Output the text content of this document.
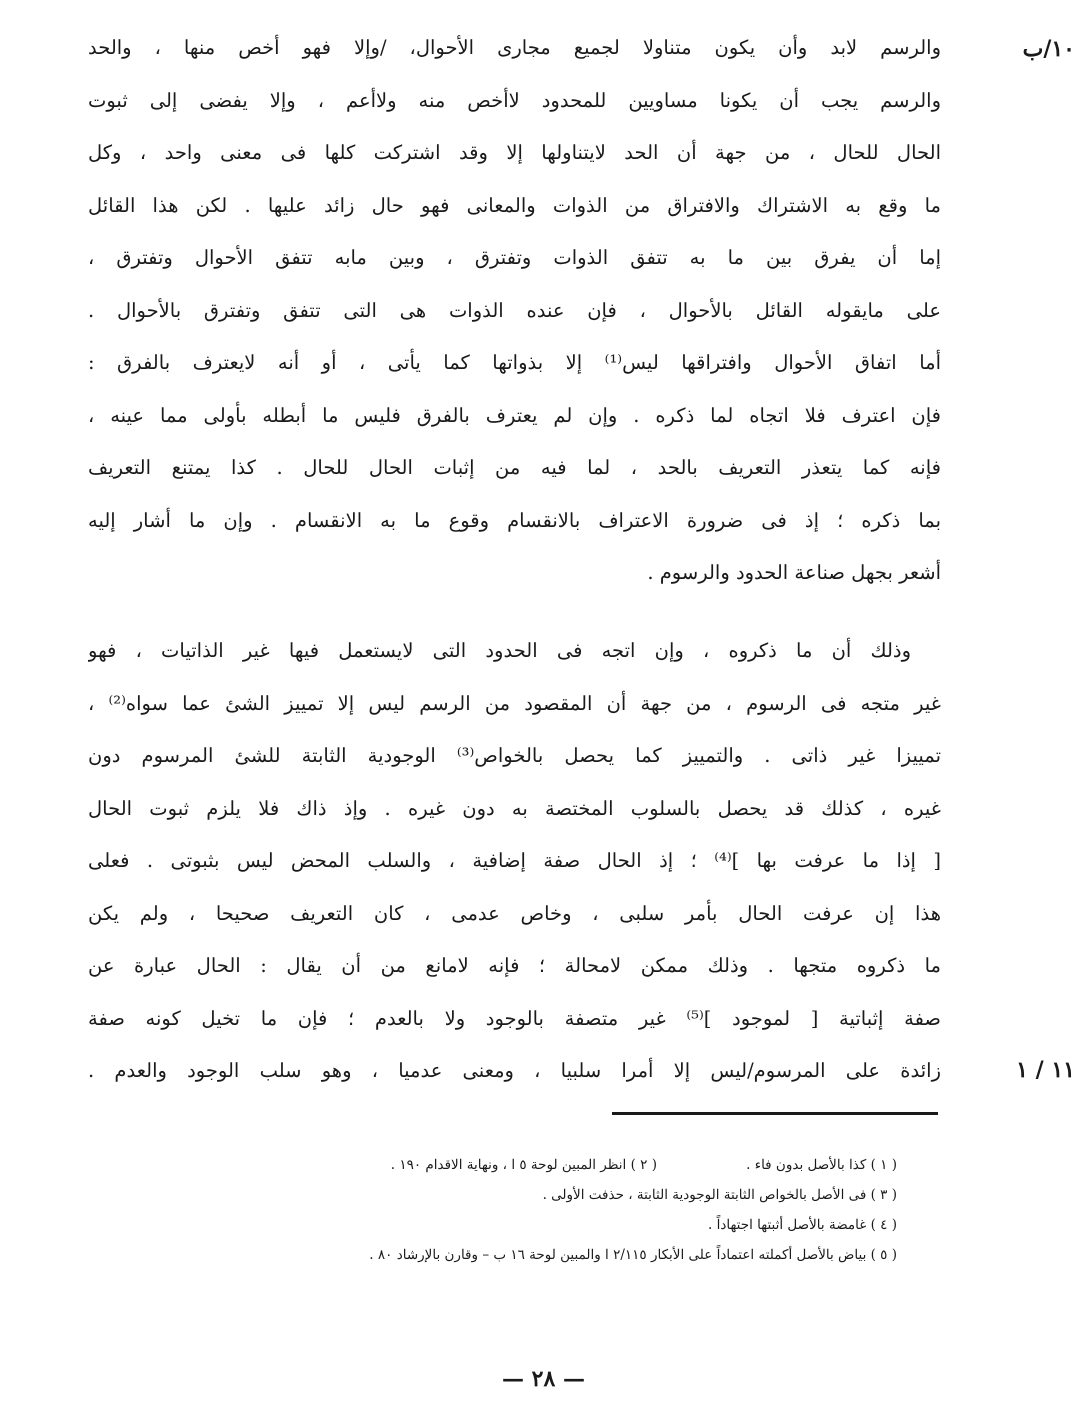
١٠/ب
والرسم لابد وأن يكون متناولا لجميع مجارى الأحوال، /وإلا فهو أخص منها ، والحد
والرسم يجب أن يكونا مساويين للمحدود لاأخص منه ولاأعم ، وإلا يفضى إلى ثبوت
الحال للحال ، من جهة أن الحد لايتناولها إلا وقد اشتركت كلها فى معنى واحد ، وكل
ما وقع به الاشتراك والافتراق من الذوات والمعانى فهو حال زائد عليها . لكن هذا القائل
إما أن يفرق بين ما به تتفق الذوات وتفترق ، وبين مابه تتفق الأحوال وتفترق ،
على مايقوله القائل بالأحوال ، فإن عنده الذوات هى التى تتفق وتفترق بالأحوال .
أما اتفاق الأحوال وافتراقها ليس⁽¹⁾ إلا بذواتها كما يأتى ، أو أنه لايعترف بالفرق :
فإن اعترف فلا اتجاه لما ذكره . وإن لم يعترف بالفرق فليس ما أبطله بأولى مما عينه ،
فإنه كما يتعذر التعريف بالحد ، لما فيه من إثبات الحال للحال . كذا يمتنع التعريف
بما ذكره ؛ إذ فى ضرورة الاعتراف بالانقسام وقوع ما به الانقسام . وإن ما أشار إليه
أشعر بجهل صناعة الحدود والرسوم .
وذلك أن ما ذكروه ، وإن اتجه فى الحدود التى لايستعمل فيها غير الذاتيات ، فهو
غير متجه فى الرسوم ، من جهة أن المقصود من الرسم ليس إلا تمييز الشئ عما سواه⁽²⁾ ،
تمييزا غير ذاتى . والتمييز كما يحصل بالخواص⁽³⁾ الوجودية الثابتة للشئ المرسوم دون
غيره ، كذلك قد يحصل بالسلوب المختصة به دون غيره . وإذ ذاك فلا يلزم ثبوت الحال
[ إذا ما عرفت بها ]⁽⁴⁾ ؛ إذ الحال صفة إضافية ، والسلب المحض ليس بثبوتى . فعلى
هذا إن عرفت الحال بأمر سلبى ، وخاص عدمى ، كان التعريف صحيحا ، ولم يكن
ما ذكروه متجها . وذلك ممكن لامحالة ؛ فإنه لامانع من أن يقال : الحال عبارة عن
صفة إثباتية [ لموجود ]⁽⁵⁾ غير متصفة بالوجود ولا بالعدم ؛ فإن ما تخيل كونه صفة
زائدة على المرسوم/ليس إلا أمرا سلبيا ، ومعنى عدميا ، وهو سلب الوجود والعدم .	١١ / ١
( ١ ) كذا بالأصل بدون فاء .
( ٢ ) انظر المبين لوحة ٥ ا ، ونهاية الاقدام ١٩٠ .
( ٣ ) فى الأصل بالخواص الثابتة الوجودية الثابتة ، حذفت الأولى .
( ٤ ) غامضة بالأصل أثبتها اجتهاداً .
( ٥ ) بياض بالأصل أكملته اعتماداً على الأبكار ٢/١١٥ ا والمبين لوحة ١٦ ب – وقارن بالإرشاد ٨٠ .
— ٢٨ —
